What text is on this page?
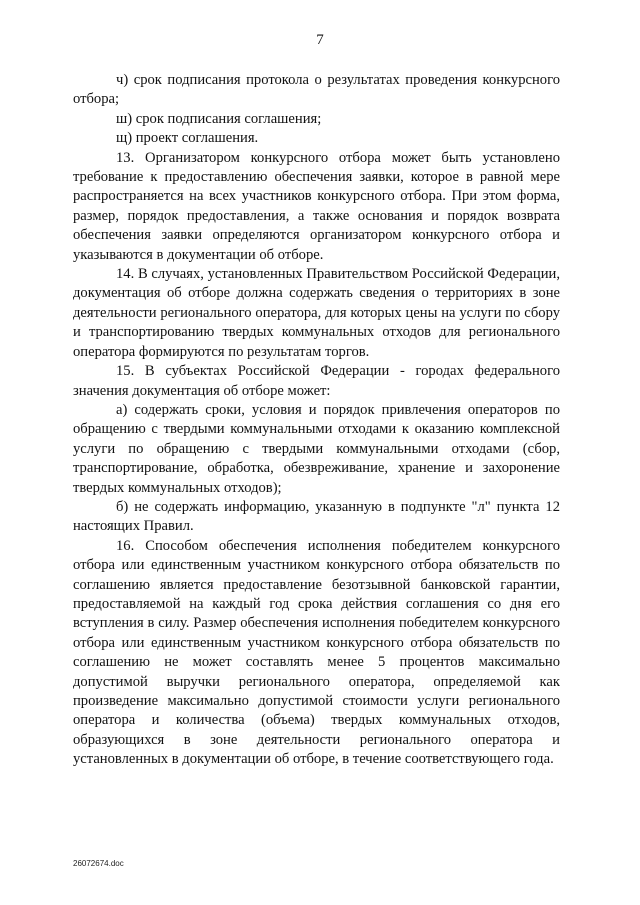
7

ч) срок подписания протокола о результатах проведения конкурсного отбора;

ш) срок подписания соглашения;

щ) проект соглашения.

13. Организатором конкурсного отбора может быть установлено требование к предоставлению обеспечения заявки, которое в равной мере распространяется на всех участников конкурсного отбора. При этом форма, размер, порядок предоставления, а также основания и порядок возврата обеспечения заявки определяются организатором конкурсного отбора и указываются в документации об отборе.

14. В случаях, установленных Правительством Российской Федерации, документация об отборе должна содержать сведения о территориях в зоне деятельности регионального оператора, для которых цены на услуги по сбору и транспортированию твердых коммунальных отходов для регионального оператора формируются по результатам торгов.

15. В субъектах Российской Федерации - городах федерального значения документация об отборе может:

а) содержать сроки, условия и порядок привлечения операторов по обращению с твердыми коммунальными отходами к оказанию комплексной услуги по обращению с твердыми коммунальными отходами (сбор, транспортирование, обработка, обезвреживание, хранение и захоронение твердых коммунальных отходов);

б) не содержать информацию, указанную в подпункте "л" пункта 12 настоящих Правил.

16. Способом обеспечения исполнения победителем конкурсного отбора или единственным участником конкурсного отбора обязательств по соглашению является предоставление безотзывной банковской гарантии, предоставляемой на каждый год срока действия соглашения со дня его вступления в силу. Размер обеспечения исполнения победителем конкурсного отбора или единственным участником конкурсного отбора обязательств по соглашению не может составлять менее 5 процентов максимально допустимой выручки регионального оператора, определяемой как произведение максимально допустимой стоимости услуги регионального оператора и количества (объема) твердых коммунальных отходов, образующихся в зоне деятельности регионального оператора и установленных в документации об отборе, в течение соответствующего года.

26072674.doc
